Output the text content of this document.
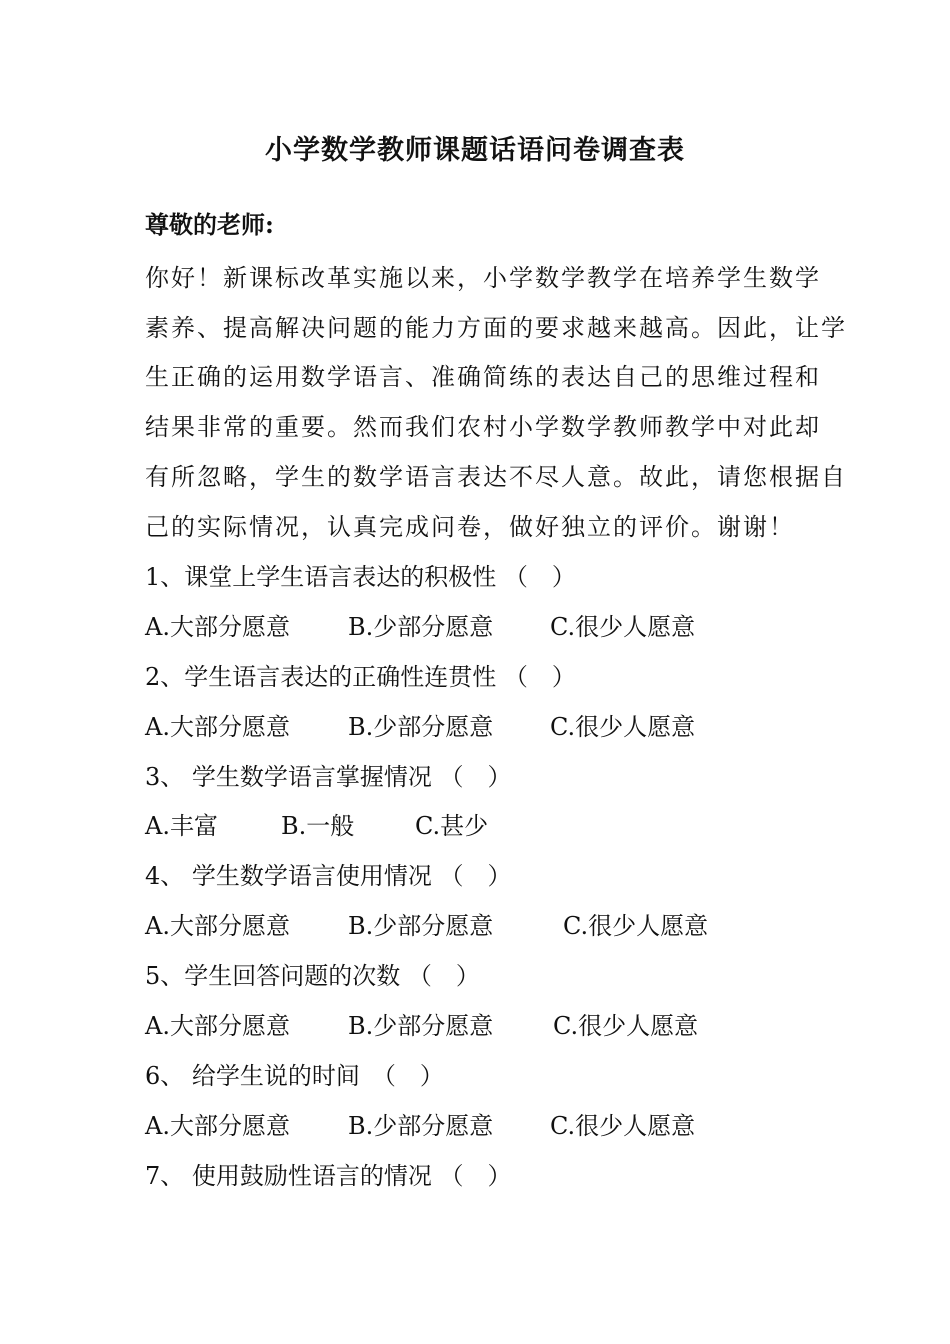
小学数学教师课题话语问卷调查表
尊敬的老师:
你好！新课标改革实施以来，小学数学教学在培养学生数学
素养、提高解决问题的能力方面的要求越来越高。因此，让学
生正确的运用数学语言、准确简练的表达自己的思维过程和
结果非常的重要。然而我们农村小学数学教师教学中对此却
有所忽略，学生的数学语言表达不尽人意。故此，请您根据自
己的实际情况，认真完成问卷，做好独立的评价。谢谢！
1、课堂上学生语言表达的积极性 （　）
A.大部分愿意 B.少部分愿意 C.很少人愿意
2、学生语言表达的正确性连贯性 （　）
A.大部分愿意 B.少部分愿意 C.很少人愿意
3、 学生数学语言掌握情况 （　）
A.丰富	B.一般	C.甚少
4、 学生数学语言使用情况 （　）
A.大部分愿意 B.少部分愿意	C.很少人愿意
5、学生回答问题的次数 （　）
A.大部分愿意 B.少部分愿意 C.很少人愿意
6、 给学生说的时间　（　）
A.大部分愿意 B.少部分愿意 C.很少人愿意
7、 使用鼓励性语言的情况 （　）
